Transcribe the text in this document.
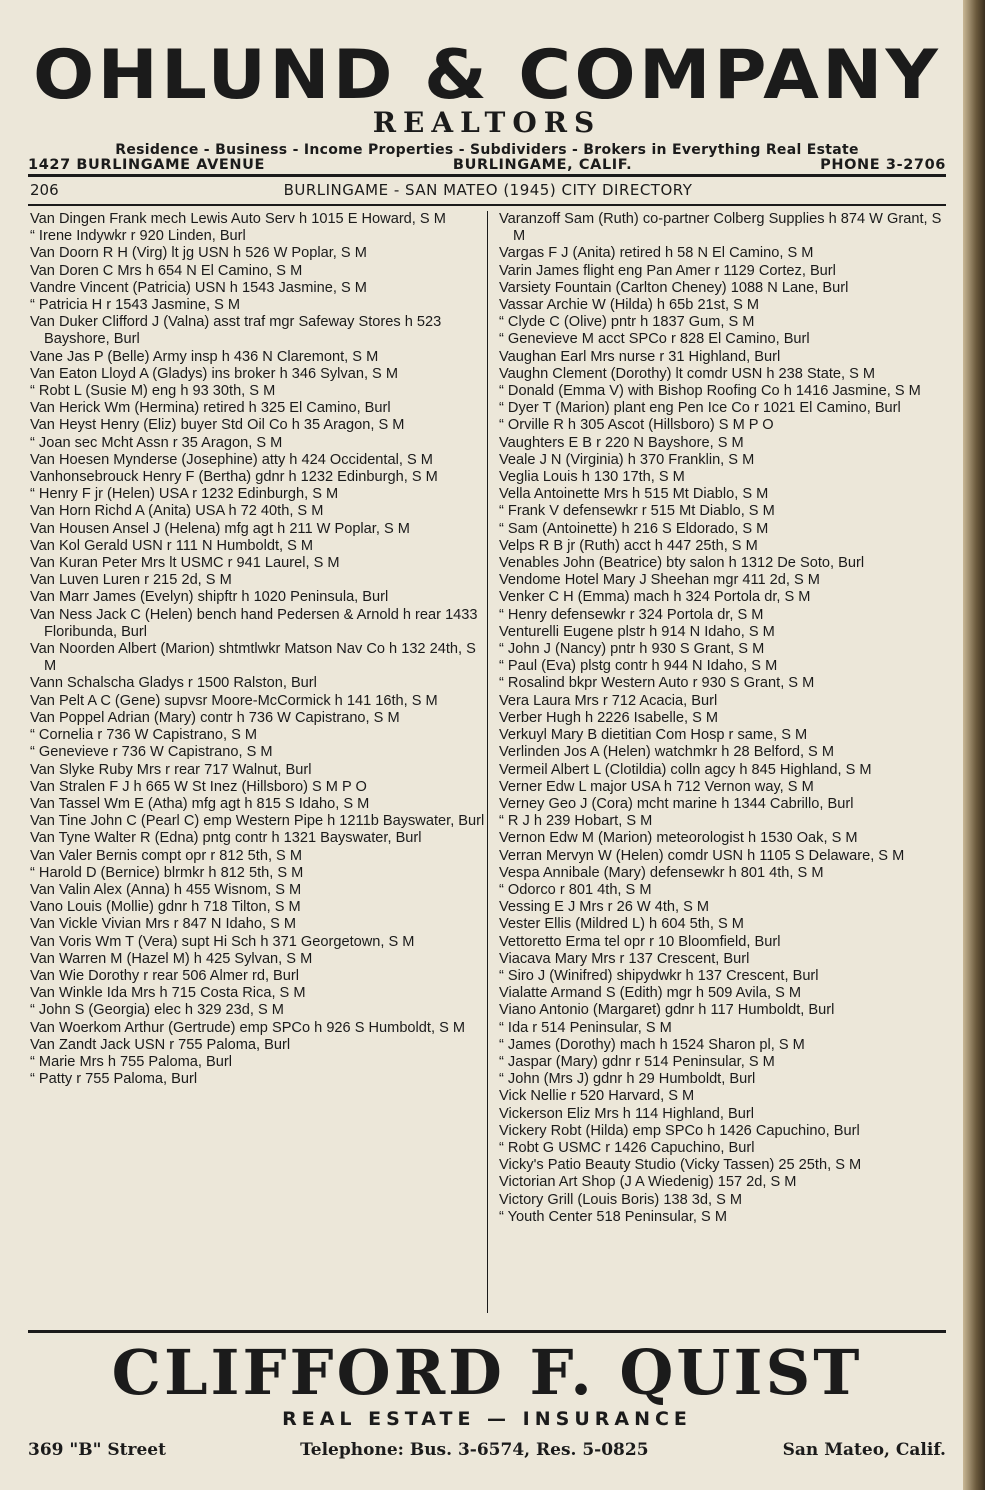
OHLUND & COMPANY
REALTORS
Residence - Business - Income Properties - Subdividers - Brokers in Everything Real Estate
1427 BURLINGAME AVENUE	BURLINGAME, CALIF.	PHONE 3-2706
206	BURLINGAME - SAN MATEO (1945) CITY DIRECTORY
Van Dingen Frank mech Lewis Auto Serv h 1015 E Howard, S M
“ Irene Indywkr r 920 Linden, Burl
Van Doorn R H (Virg) lt jg USN h 526 W Poplar, S M
Van Doren C Mrs h 654 N El Camino, S M
Vandre Vincent (Patricia) USN h 1543 Jasmine, S M
“ Patricia H r 1543 Jasmine, S M
Van Duker Clifford J (Valna) asst traf mgr Safeway Stores h 523 Bayshore, Burl
Vane Jas P (Belle) Army insp h 436 N Claremont, S M
Van Eaton Lloyd A (Gladys) ins broker h 346 Sylvan, S M
“ Robt L (Susie M) eng h 93 30th, S M
Van Herick Wm (Hermina) retired h 325 El Camino, Burl
Van Heyst Henry (Eliz) buyer Std Oil Co h 35 Aragon, S M
“ Joan sec Mcht Assn r 35 Aragon, S M
Van Hoesen Mynderse (Josephine) atty h 424 Occidental, S M
Vanhonsebrouck Henry F (Bertha) gdnr h 1232 Edinburgh, S M
“ Henry F jr (Helen) USA r 1232 Edinburgh, S M
Van Horn Richd A (Anita) USA h 72 40th, S M
Van Housen Ansel J (Helena) mfg agt h 211 W Poplar, S M
Van Kol Gerald USN r 111 N Humboldt, S M
Van Kuran Peter Mrs lt USMC r 941 Laurel, S M
Van Luven Luren r 215 2d, S M
Van Marr James (Evelyn) shipftr h 1020 Peninsula, Burl
Van Ness Jack C (Helen) bench hand Pedersen & Arnold h rear 1433 Floribunda, Burl
Van Noorden Albert (Marion) shtmtlwkr Matson Nav Co h 132 24th, S M
Vann Schalscha Gladys r 1500 Ralston, Burl
Van Pelt A C (Gene) supvsr Moore-McCormick h 141 16th, S M
Van Poppel Adrian (Mary) contr h 736 W Capistrano, S M
“ Cornelia r 736 W Capistrano, S M
“ Genevieve r 736 W Capistrano, S M
Van Slyke Ruby Mrs r rear 717 Walnut, Burl
Van Stralen F J h 665 W St Inez (Hillsboro) S M P O
Van Tassel Wm E (Atha) mfg agt h 815 S Idaho, S M
Van Tine John C (Pearl C) emp Western Pipe h 1211b Bayswater, Burl
Van Tyne Walter R (Edna) pntg contr h 1321 Bayswater, Burl
Van Valer Bernis compt opr r 812 5th, S M
“ Harold D (Bernice) blrmkr h 812 5th, S M
Van Valin Alex (Anna) h 455 Wisnom, S M
Vano Louis (Mollie) gdnr h 718 Tilton, S M
Van Vickle Vivian Mrs r 847 N Idaho, S M
Van Voris Wm T (Vera) supt Hi Sch h 371 Georgetown, S M
Van Warren M (Hazel M) h 425 Sylvan, S M
Van Wie Dorothy r rear 506 Almer rd, Burl
Van Winkle Ida Mrs h 715 Costa Rica, S M
“ John S (Georgia) elec h 329 23d, S M
Van Woerkom Arthur (Gertrude) emp SPCo h 926 S Humboldt, S M
Van Zandt Jack USN r 755 Paloma, Burl
“ Marie Mrs h 755 Paloma, Burl
“ Patty r 755 Paloma, Burl
Varanzoff Sam (Ruth) co-partner Colberg Supplies h 874 W Grant, S M
Vargas F J (Anita) retired h 58 N El Camino, S M
Varin James flight eng Pan Amer r 1129 Cortez, Burl
Varsiety Fountain (Carlton Cheney) 1088 N Lane, Burl
Vassar Archie W (Hilda) h 65b 21st, S M
“ Clyde C (Olive) pntr h 1837 Gum, S M
“ Genevieve M acct SPCo r 828 El Camino, Burl
Vaughan Earl Mrs nurse r 31 Highland, Burl
Vaughn Clement (Dorothy) lt comdr USN h 238 State, S M
“ Donald (Emma V) with Bishop Roofing Co h 1416 Jasmine, S M
“ Dyer T (Marion) plant eng Pen Ice Co r 1021 El Camino, Burl
“ Orville R h 305 Ascot (Hillsboro) S M P O
Vaughters E B r 220 N Bayshore, S M
Veale J N (Virginia) h 370 Franklin, S M
Veglia Louis h 130 17th, S M
Vella Antoinette Mrs h 515 Mt Diablo, S M
“ Frank V defensewkr r 515 Mt Diablo, S M
“ Sam (Antoinette) h 216 S Eldorado, S M
Velps R B jr (Ruth) acct h 447 25th, S M
Venables John (Beatrice) bty salon h 1312 De Soto, Burl
Vendome Hotel Mary J Sheehan mgr 411 2d, S M
Venker C H (Emma) mach h 324 Portola dr, S M
“ Henry defensewkr r 324 Portola dr, S M
Venturelli Eugene plstr h 914 N Idaho, S M
“ John J (Nancy) pntr h 930 S Grant, S M
“ Paul (Eva) plstg contr h 944 N Idaho, S M
“ Rosalind bkpr Western Auto r 930 S Grant, S M
Vera Laura Mrs r 712 Acacia, Burl
Verber Hugh h 2226 Isabelle, S M
Verkuyl Mary B dietitian Com Hosp r same, S M
Verlinden Jos A (Helen) watchmkr h 28 Belford, S M
Vermeil Albert L (Clotildia) colln agcy h 845 Highland, S M
Verner Edw L major USA h 712 Vernon way, S M
Verney Geo J (Cora) mcht marine h 1344 Cabrillo, Burl
“ R J h 239 Hobart, S M
Vernon Edw M (Marion) meteorologist h 1530 Oak, S M
Verran Mervyn W (Helen) comdr USN h 1105 S Delaware, S M
Vespa Annibale (Mary) defensewkr h 801 4th, S M
“ Odorco r 801 4th, S M
Vessing E J Mrs r 26 W 4th, S M
Vester Ellis (Mildred L) h 604 5th, S M
Vettoretto Erma tel opr r 10 Bloomfield, Burl
Viacava Mary Mrs r 137 Crescent, Burl
“ Siro J (Winifred) shipydwkr h 137 Crescent, Burl
Vialatte Armand S (Edith) mgr h 509 Avila, S M
Viano Antonio (Margaret) gdnr h 117 Humboldt, Burl
“ Ida r 514 Peninsular, S M
“ James (Dorothy) mach h 1524 Sharon pl, S M
“ Jaspar (Mary) gdnr r 514 Peninsular, S M
“ John (Mrs J) gdnr h 29 Humboldt, Burl
Vick Nellie r 520 Harvard, S M
Vickerson Eliz Mrs h 114 Highland, Burl
Vickery Robt (Hilda) emp SPCo h 1426 Capuchino, Burl
“ Robt G USMC r 1426 Capuchino, Burl
Vicky's Patio Beauty Studio (Vicky Tassen) 25 25th, S M
Victorian Art Shop (J A Wiedenig) 157 2d, S M
Victory Grill (Louis Boris) 138 3d, S M
“ Youth Center 518 Peninsular, S M
CLIFFORD F. QUIST
REAL ESTATE — INSURANCE
369 "B" Street	Telephone: Bus. 3-6574, Res. 5-0825	San Mateo, Calif.
